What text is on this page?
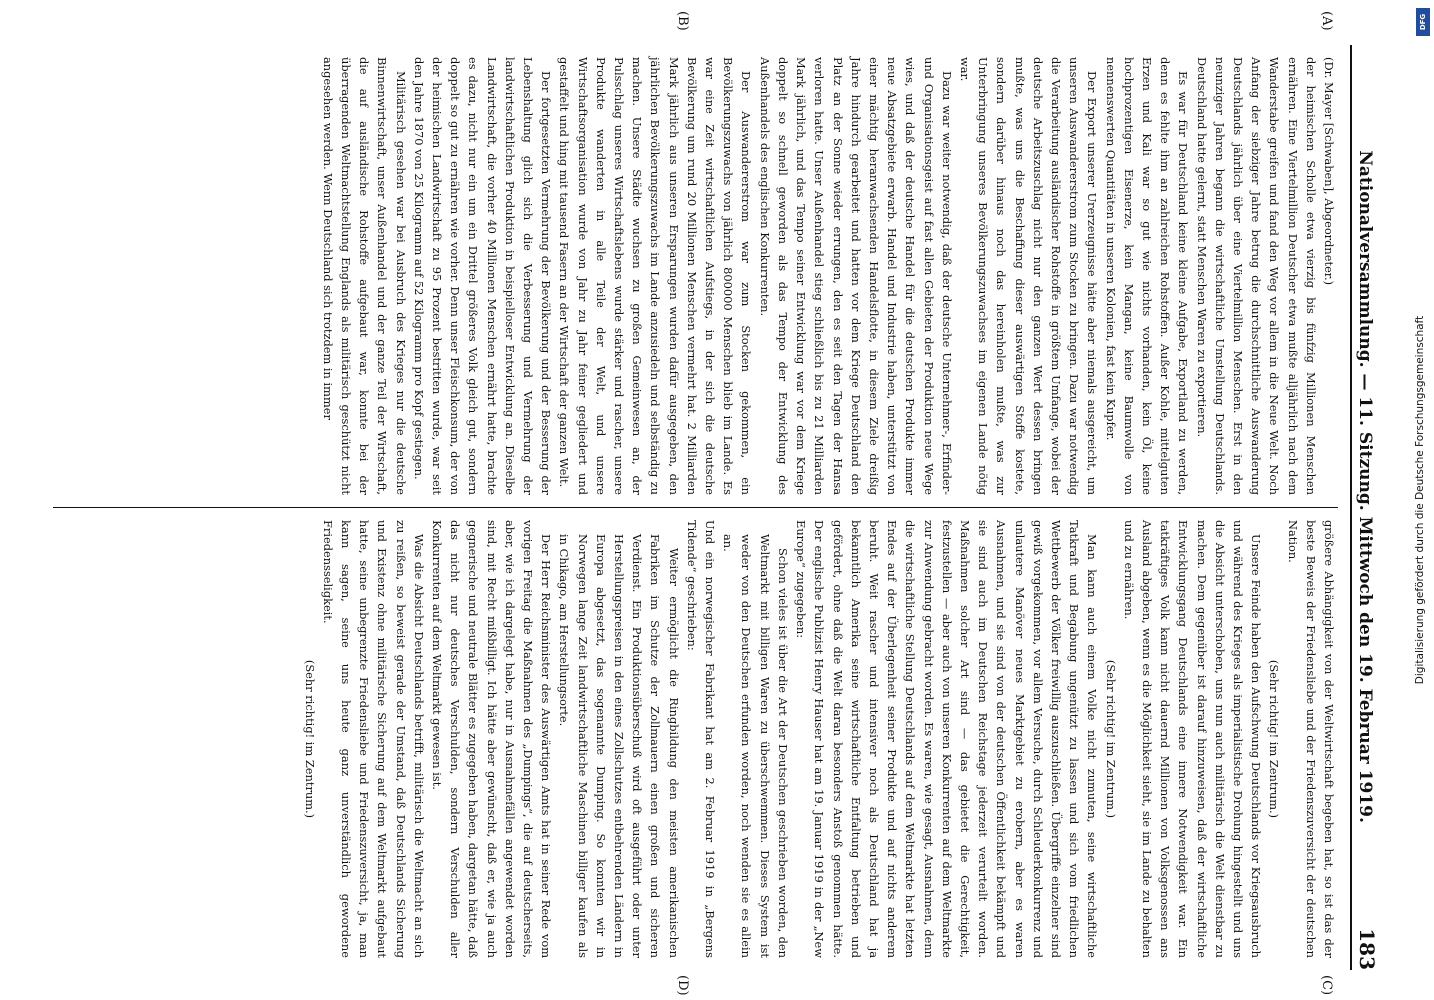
Nationalversammlung. — 11. Sitzung. Mittwoch den 19. Februar 1919.
183
(A)
(B)
(C)
(D)

(Dr. Mayer [Schwaben], Abgeordneter.)

der heimischen Scholle etwa vierzig bis fünfzig Millionen Menschen ernähren. Eine Viertelmillion Deutscher etwa mußte alljährlich nach dem Wanderstabe greifen und fand den Weg vor allem in die Neue Welt. Noch Anfang der siebziger Jahre betrug die durchschnittliche Auswanderung Deutschlands jährlich über eine Viertelmillion Menschen. Erst in den neunziger Jahren begann die wirtschaftliche Umstellung Deutschlands. Deutschland hatte gelernt, statt Menschen Waren zu exportieren.

Es war für Deutschland keine kleine Aufgabe, Exportland zu werden, denn es fehlte ihm an zahlreichen Rohstoffen. Außer Kohle, mittelguten Erzen und Kali war so gut wie nichts vorhanden, kein Öl, keine hochprozentigen Eisenerze, kein Mangan, keine Baumwolle von nennenswerten Quantitäten in unseren Kolonien, fast kein Kupfer.

Der Export unserer Urerzeugnisse hätte aber niemals ausgereicht, um unseren Auswandererstrom zum Stocken zu bringen. Dazu war notwendig die Verarbeitung ausländischer Rohstoffe in größtem Umfange, wobei der deutsche Arbeitszuschlag nicht nur den ganzen Wert dessen bringen mußte, was uns die Beschaffung dieser auswärtigen Stoffe kostete, sondern darüber hinaus noch das hereinholen mußte, was zur Unterbringung unseres Bevölkerungszuwachses im eigenen Lande nötig war.

Dazu war weiter notwendig, daß der deutsche Unternehmer-, Erfinder- und Organisationsgeist auf fast allen Gebieten der Produktion neue Wege wies, und daß der deutsche Handel für die deutschen Produkte immer neue Absatzgebiete erwarb. Handel und Industrie haben, unterstützt von einer mächtig heranwachsenden Handelsflotte, in diesem Ziele dreißig Jahre hindurch gearbeitet und hatten vor dem Kriege Deutschland den Platz an der Sonne wieder errungen, den es seit den Tagen der Hansa verloren hatte. Unser Außenhandel stieg schließlich bis zu 21 Milliarden Mark jährlich, und das Tempo seiner Entwicklung war vor dem Kriege doppelt so schnell geworden als das Tempo der Entwicklung des Außenhandels des englischen Konkurrenten.

Der Auswandererstrom war zum Stocken gekommen, ein Bevölkerungszuwachs von jährlich 800000 Menschen blieb im Lande. Es war eine Zeit wirtschaftlichen Aufstiegs, in der sich die deutsche Bevölkerung um rund 20 Millionen Menschen vermehrt hat. 2 Milliarden Mark jährlich aus unseren Ersparungen wurden dafür ausgegeben, den jährlichen Bevölkerungszuwachs im Lande anzusiedeln und selbständig zu machen. Unsere Städte wuchsen zu großen Gemeinwesen an, der Pulsschlag unseres Wirtschaftslebens wurde stärker und rascher, unsere Produkte wanderten in alle Teile der Welt, und unsere Wirtschaftsorganisation wurde von Jahr zu Jahr feiner gegliedert und gestaffelt und hing mit tausend Fasern an der Wirtschaft der ganzen Welt.

Der fortgesetzten Vermehrung der Bevölkerung und der Besserung der Lebenshaltung glich sich die Verbesserung und Vermehrung der landwirtschaftlichen Produktion in beispielloser Entwicklung an. Dieselbe Landwirtschaft, die vorher 40 Millionen Menschen ernährt hatte, brachte es dazu, nicht nur ein um ein Drittel größeres Volk gleich gut, sondern doppelt so gut zu ernähren wie vorher. Denn unser Fleischkonsum, der von der heimischen Landwirtschaft zu 95 Prozent bestritten wurde, war seit den Jahre 1870 von 25 Kilogramm auf 52 Kilogramm pro Kopf gestiegen.

Militärisch gesehen war bei Ausbruch des Krieges nur die deutsche Binnenwirtschaft, unser Außenhandel und der ganze Teil der Wirtschaft, die auf ausländische Rohstoffe aufgebaut war, konnte bei der überragenden Weltmachtstellung Englands als militärisch geschützt nicht angesehen werden. Wenn Deutschland sich trotzdem in immer

größere Abhängigkeit von der Weltwirtschaft begeben hat, so ist das der beste Beweis der Friedensliebe und der Friedenszuversicht der deutschen Nation.

(Sehr richtig! im Zentrum.)

Unsere Feinde haben den Aufschwung Deutschlands vor Kriegsausbruch und während des Krieges als imperialistische Drohung hingestellt und uns die Absicht unterschoben, uns nun auch militärisch die Welt dienstbar zu machen. Dem gegenüber ist darauf hinzuweisen, daß der wirtschaftliche Entwicklungsgang Deutschlands eine innere Notwendigkeit war. Ein tatkräftiges Volk kann nicht dauernd Millionen von Volksgenossen ans Ausland abgeben, wenn es die Möglichkeit sieht, sie im Lande zu behalten und zu ernähren.

(Sehr richtig! im Zentrum.)

Man kann auch einem Volke nicht zumuten, seine wirtschaftliche Tatkraft und Begabung ungenützt zu lassen und sich vom friedlichen Wettbewerb der Völker freiwillig auszuschließen. Übergriffe einzelner sind gewiß vorgekommen, vor allem Versuche, durch Schleuderkonkurrenz und unlautere Manöver neues Marktgebiet zu erobern, aber es waren Ausnahmen, und sie sind von der deutschen Öffentlichkeit bekämpft und sie sind auch im Deutschen Reichstage jederzeit verurteilt worden. Maßnahmen solcher Art sind — das gebietet die Gerechtigkeit, festzustellen — aber auch von unseren Konkurrenten auf dem Weltmarkte zur Anwendung gebracht worden. Es waren, wie gesagt, Ausnahmen, denn die wirtschaftliche Stellung Deutschlands auf dem Weltmarkte hat letzten Endes auf der Überlegenheit seiner Produkte und auf nichts anderem beruht. Weit rascher und intensiver noch als Deutschland hat ja bekanntlich Amerika seine wirtschaftliche Entfaltung betrieben und gefördert, ohne daß die Welt daran besonders Anstoß genommen hätte. Der englische Publizist Henry Hauser hat am 19. Januar 1919 in der „New Europe“ zugegeben:

Schon vieles ist über die Art der Deutschen geschrieben worden, den Weltmarkt mit billigen Waren zu überschwemmen. Dieses System ist weder von den Deutschen erfunden worden, noch wenden sie es allein an.

Und ein norwegischer Fabrikant hat am 2. Februar 1919 in „Bergens Tidende“ geschrieben:

Weiter ermöglicht die Ringbildung den meisten amerikanischen Fabriken im Schutze der Zollmauern einen großen und sicheren Verdienst. Ein Produktionsüberschuß wird oft ausgeführt oder unter Herstellungspreisen in den eines Zollschutzes entbehrenden Ländern in Europa abgesetzt, das sogenannte Dumping. So konnten wir in Norwegen lange Zeit landwirtschaftliche Maschinen billiger kaufen als in Chikago, am Herstellungsorte.

Der Herr Reichsminister des Auswärtigen Amts hat in seiner Rede vom vorigen Freitag die Maßnahmen des „Dumpings“, die auf deutscherseits, aber, wie ich dargelegt habe, nur in Ausnahmefällen angewendet worden sind, mit Recht mißbilligt. Ich hätte aber gewünscht, daß er, wie ja auch gegnerische und neutrale Blätter es zugegeben haben, dargetan hätte, daß das nicht nur deutsches Verschulden, sondern Verschulden aller Konkurrenten auf dem Weltmarkt gewesen ist.

Was die Absicht Deutschlands betrifft, militärisch die Weltmacht an sich zu reißen, so beweist gerade der Umstand, daß Deutschlands Sicherung und Existenz ohne militärische Sicherung auf dem Weltmarkt aufgebaut hatte, seine unbegrenzte Friedensliebe und Friedenszuversicht, ja, man kann sagen, seine uns heute ganz unverständlich gewordene Friedensseligkeit.

(Sehr richtig! im Zentrum.)

Digitalisierung gefördert durch die Deutsche Forschungsgemeinschaft
DFG
